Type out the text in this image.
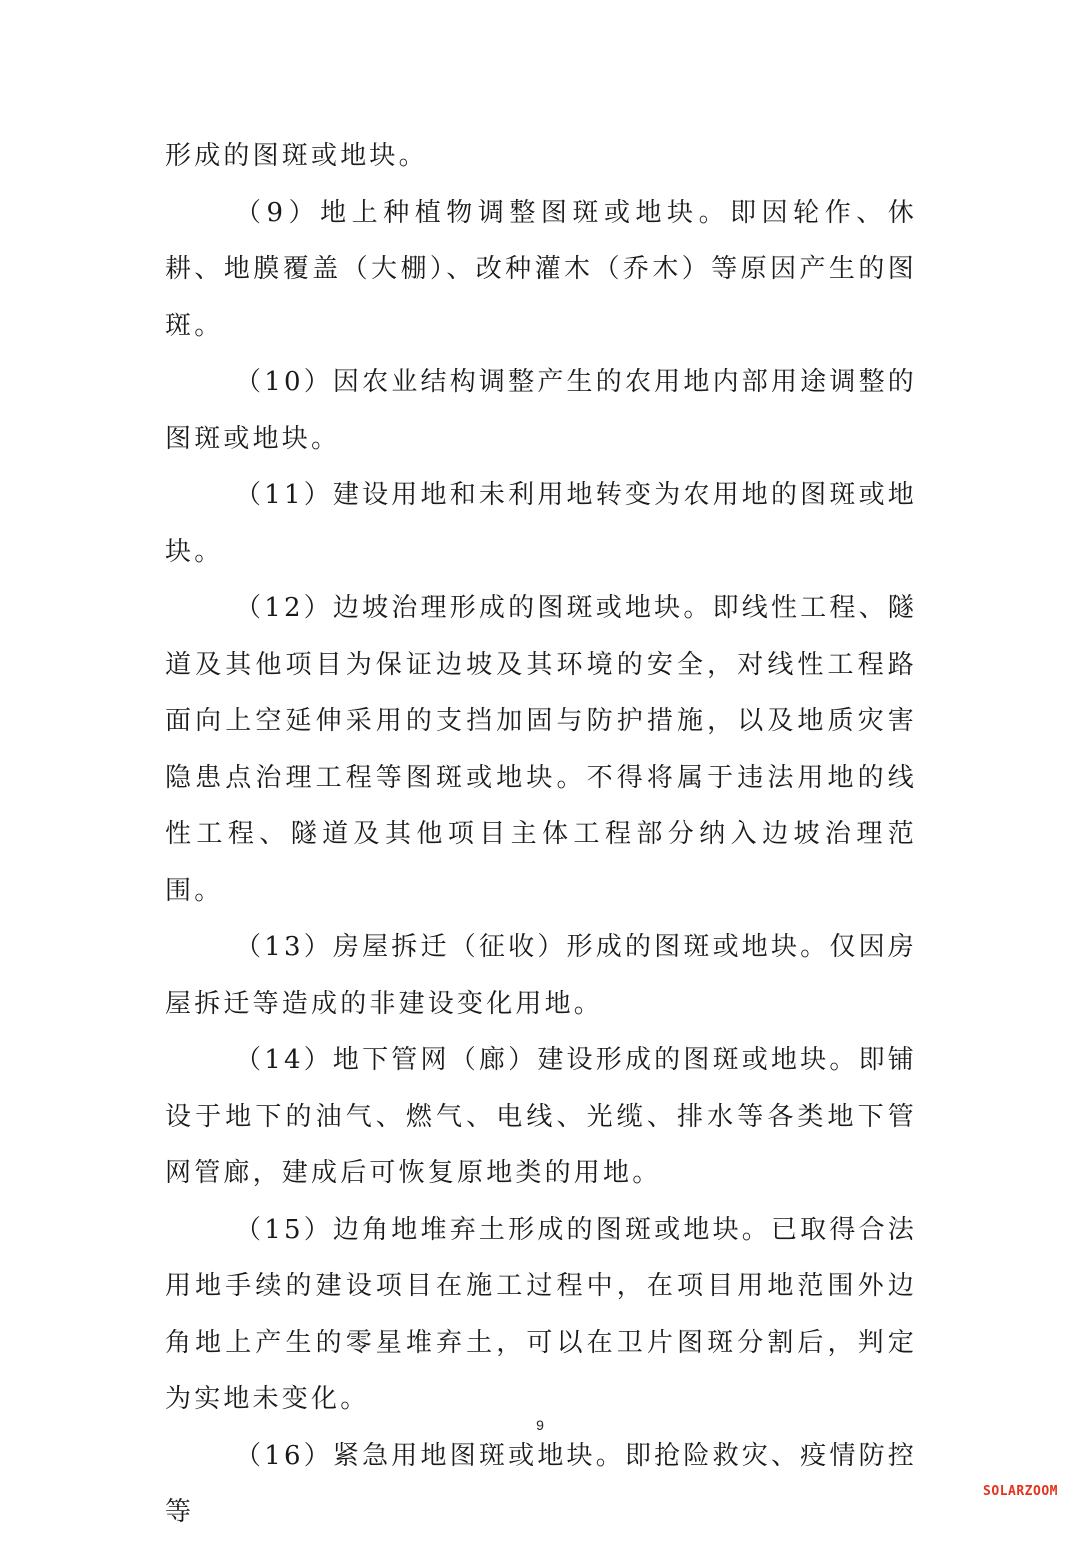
形成的图斑或地块。

（9）地上种植物调整图斑或地块。即因轮作、休耕、地膜覆盖（大棚）、改种灌木（乔木）等原因产生的图斑。

（10）因农业结构调整产生的农用地内部用途调整的图斑或地块。

（11）建设用地和未利用地转变为农用地的图斑或地块。

（12）边坡治理形成的图斑或地块。即线性工程、隧道及其他项目为保证边坡及其环境的安全，对线性工程路面向上空延伸采用的支挡加固与防护措施，以及地质灾害隐患点治理工程等图斑或地块。不得将属于违法用地的线性工程、隧道及其他项目主体工程部分纳入边坡治理范围。

（13）房屋拆迁（征收）形成的图斑或地块。仅因房屋拆迁等造成的非建设变化用地。

（14）地下管网（廊）建设形成的图斑或地块。即铺设于地下的油气、燃气、电线、光缆、排水等各类地下管网管廊，建成后可恢复原地类的用地。

（15）边角地堆弃土形成的图斑或地块。已取得合法用地手续的建设项目在施工过程中，在项目用地范围外边角地上产生的零星堆弃土，可以在卫片图斑分割后，判定为实地未变化。

（16）紧急用地图斑或地块。即抢险救灾、疫情防控等

9
SOLARZOOM
